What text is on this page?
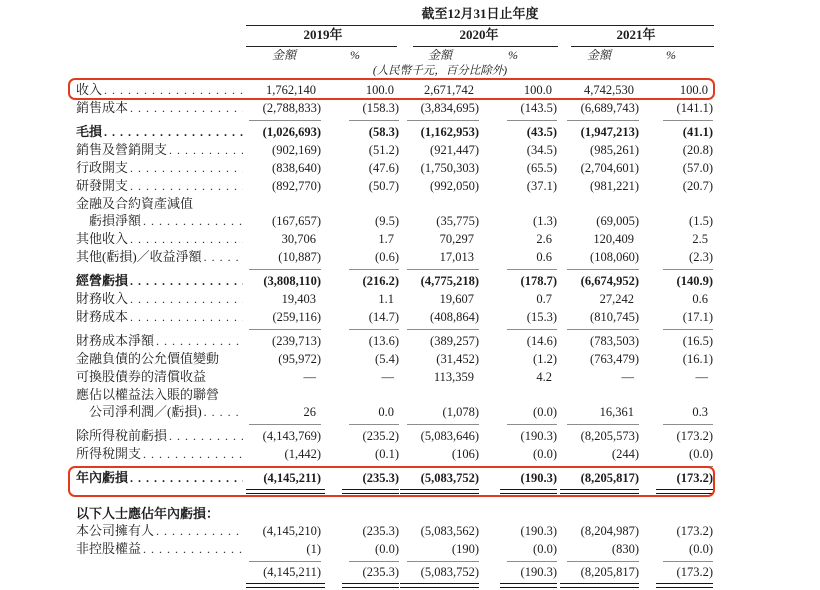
截至12月31日止年度
2019年	2020年	2021年
金額	%	金額	%	金額	%
(人民幣千元，百分比除外)
收入 . . .	1,762,140	100.0	2,671,742	100.0	4,742,530	100.0
銷售成本 . . .	(2,788,833)	(158.3)	(3,834,695)	(143.5)	(6,689,743)	(141.1)
毛損 . . .	(1,026,693)	(58.3)	(1,162,953)	(43.5)	(1,947,213)	(41.1)
銷售及營銷開支 . . .	(902,169)	(51.2)	(921,447)	(34.5)	(985,261)	(20.8)
行政開支 . . .	(838,640)	(47.6)	(1,750,303)	(65.5)	(2,704,601)	(57.0)
研發開支 . . .	(892,770)	(50.7)	(992,050)	(37.1)	(981,221)	(20.7)
金融及合約資產減值
虧損淨額 . . .	(167,657)	(9.5)	(35,775)	(1.3)	(69,005)	(1.5)
其他收入 . . .	30,706	1.7	70,297	2.6	120,409	2.5
其他(虧損)／收益淨額 . . .	(10,887)	(0.6)	17,013	0.6	(108,060)	(2.3)
經營虧損 . . .	(3,808,110)	(216.2)	(4,775,218)	(178.7)	(6,674,952)	(140.9)
財務收入 . . .	19,403	1.1	19,607	0.7	27,242	0.6
財務成本 . . .	(259,116)	(14.7)	(408,864)	(15.3)	(810,745)	(17.1)
財務成本淨額 . . .	(239,713)	(13.6)	(389,257)	(14.6)	(783,503)	(16.5)
金融負債的公允價值變動	(95,972)	(5.4)	(31,452)	(1.2)	(763,479)	(16.1)
可換股債券的清償收益	—	—	113,359	4.2	—	—
應佔以權益法入賬的聯營
公司淨利潤／(虧損) . . .	26	0.0	(1,078)	(0.0)	16,361	0.3
除所得稅前虧損 . . .	(4,143,769)	(235.2)	(5,083,646)	(190.3)	(8,205,573)	(173.2)
所得稅開支 . . .	(1,442)	(0.1)	(106)	(0.0)	(244)	(0.0)
年內虧損 . . .	(4,145,211)	(235.3)	(5,083,752)	(190.3)	(8,205,817)	(173.2)
以下人士應佔年內虧損：
本公司擁有人 . . .	(4,145,210)	(235.3)	(5,083,562)	(190.3)	(8,204,987)	(173.2)
非控股權益 . . .	(1)	(0.0)	(190)	(0.0)	(830)	(0.0)
(4,145,211)	(235.3)	(5,083,752)	(190.3)	(8,205,817)	(173.2)
